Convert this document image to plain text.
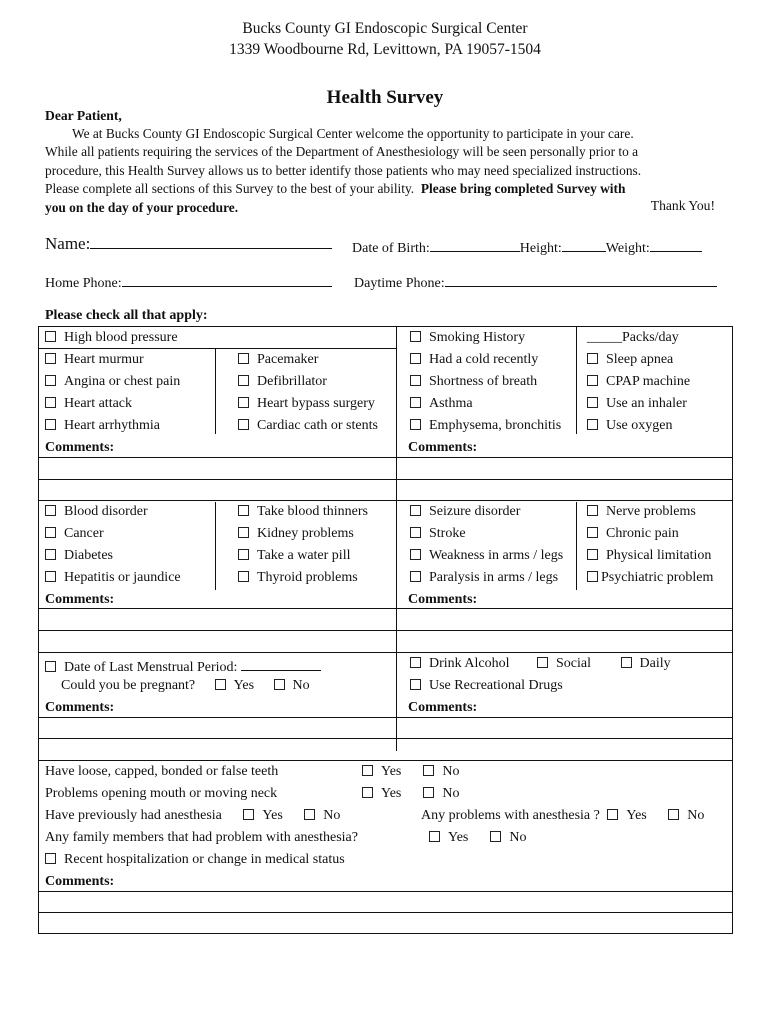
Bucks County GI Endoscopic Surgical Center
1339 Woodbourne Rd, Levittown, PA 19057-1504
Health Survey
Dear Patient,
We at Bucks County GI Endoscopic Surgical Center welcome the opportunity to participate in your care.
While all patients requiring the services of the Department of Anesthesiology will be seen personally prior to a
procedure, this Health Survey allows us to better identify those patients who may need specialized instructions.
Please complete all sections of this Survey to the best of your ability. Please bring completed Survey with
you on the day of your procedure.	Thank You!
Name:	Date of Birth:	Height:	Weight:
Home Phone:	Daytime Phone:
Please check all that apply:
High blood pressure
Heart murmur
Angina or chest pain
Heart attack
Heart arrhythmia
Pacemaker
Defibrillator
Heart bypass surgery
Cardiac cath or stents
Smoking History
Had a cold recently
Shortness of breath
Asthma
Emphysema, bronchitis
_____Packs/day
Sleep apnea
CPAP machine
Use an inhaler
Use oxygen
Comments:	Comments:
Blood disorder
Cancer
Diabetes
Hepatitis or jaundice
Take blood thinners
Kidney problems
Take a water pill
Thyroid problems
Seizure disorder
Stroke
Weakness in arms / legs
Paralysis in arms / legs
Nerve problems
Chronic pain
Physical limitation
Psychiatric problem
Comments:	Comments:
Date of Last Menstrual Period:
Could you be pregnant?	Yes	No
Drink Alcohol	Social	Daily
Use Recreational Drugs
Comments:	Comments:
Have loose, capped, bonded or false teeth	Yes	No
Problems opening mouth or moving neck	Yes	No
Have previously had anesthesia	Yes	No	Any problems with anesthesia ? Yes	No
Any family members that had problem with anesthesia?	Yes	No
Recent hospitalization or change in medical status
Comments:
